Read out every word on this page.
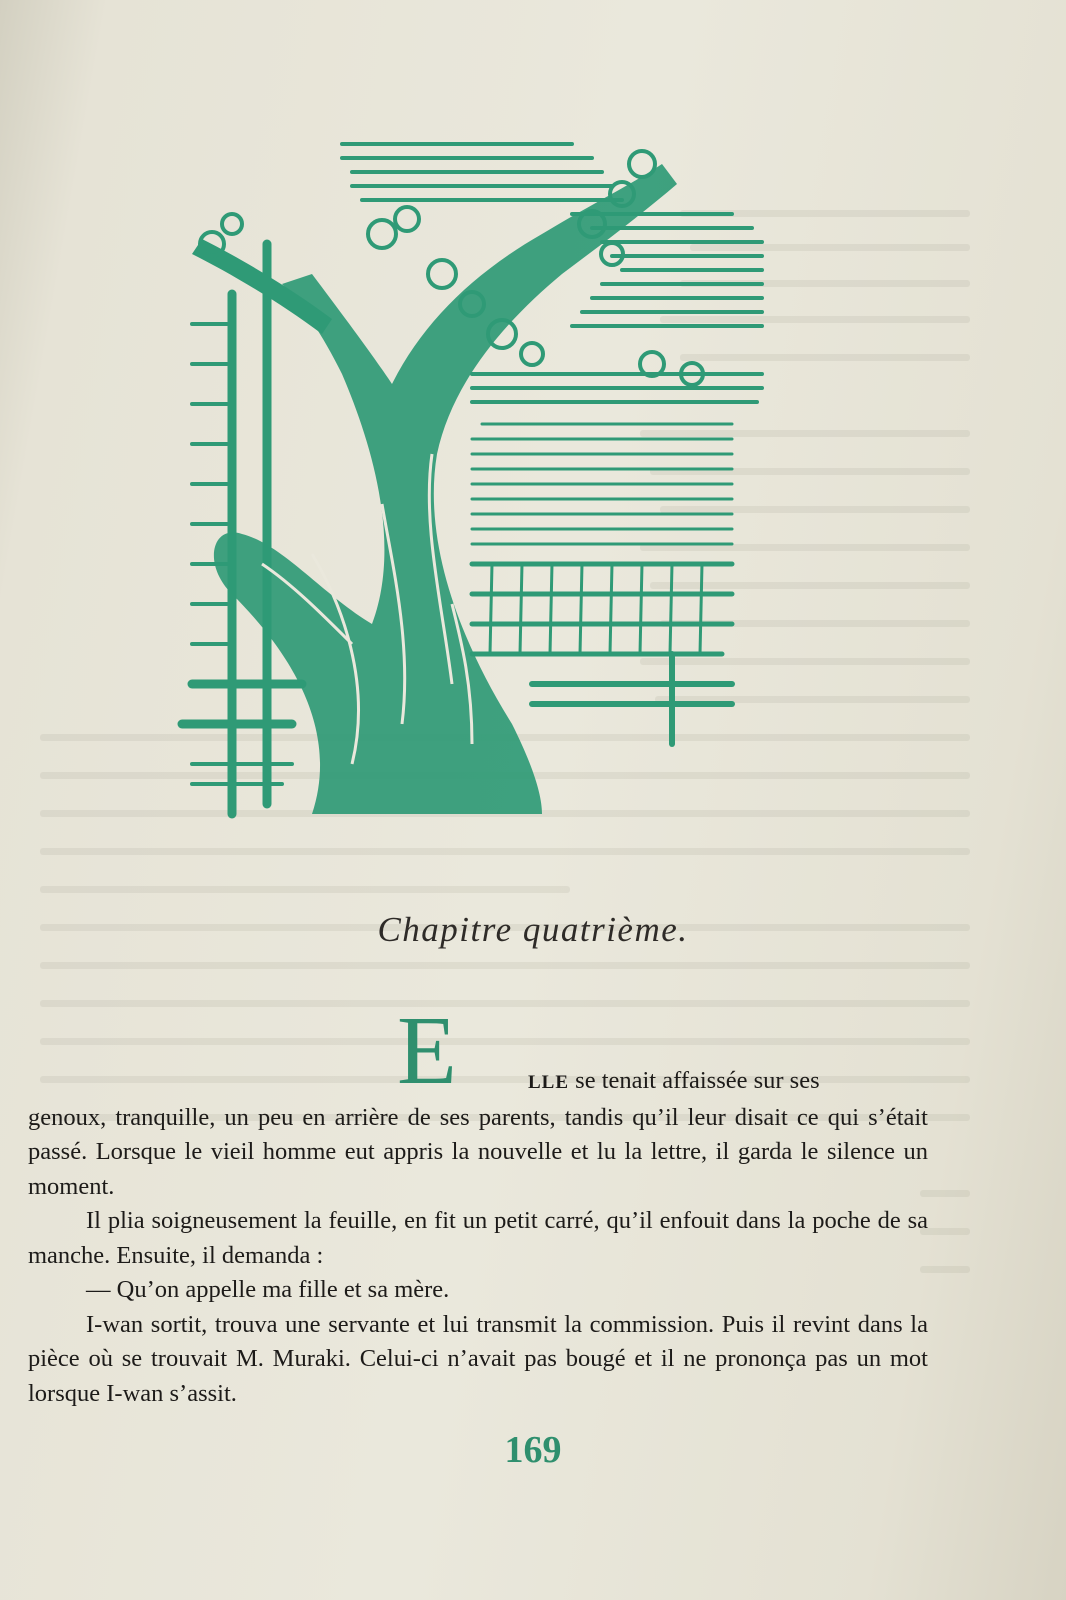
Chapitre quatrième.
E	LLE se tenait affaissée sur ses

genoux, tranquille, un peu en arrière de ses parents, tandis qu’il leur disait ce qui s’était passé. Lorsque le vieil homme eut appris la nouvelle et lu la lettre, il garda le silence un moment.

Il plia soigneusement la feuille, en fit un petit carré, qu’il enfouit dans la poche de sa manche. Ensuite, il demanda :

— Qu’on appelle ma fille et sa mère.

I-wan sortit, trouva une servante et lui transmit la commission. Puis il revint dans la pièce où se trouvait M. Muraki. Celui-ci n’avait pas bougé et il ne prononça pas un mot lorsque I-wan s’assit.

169
